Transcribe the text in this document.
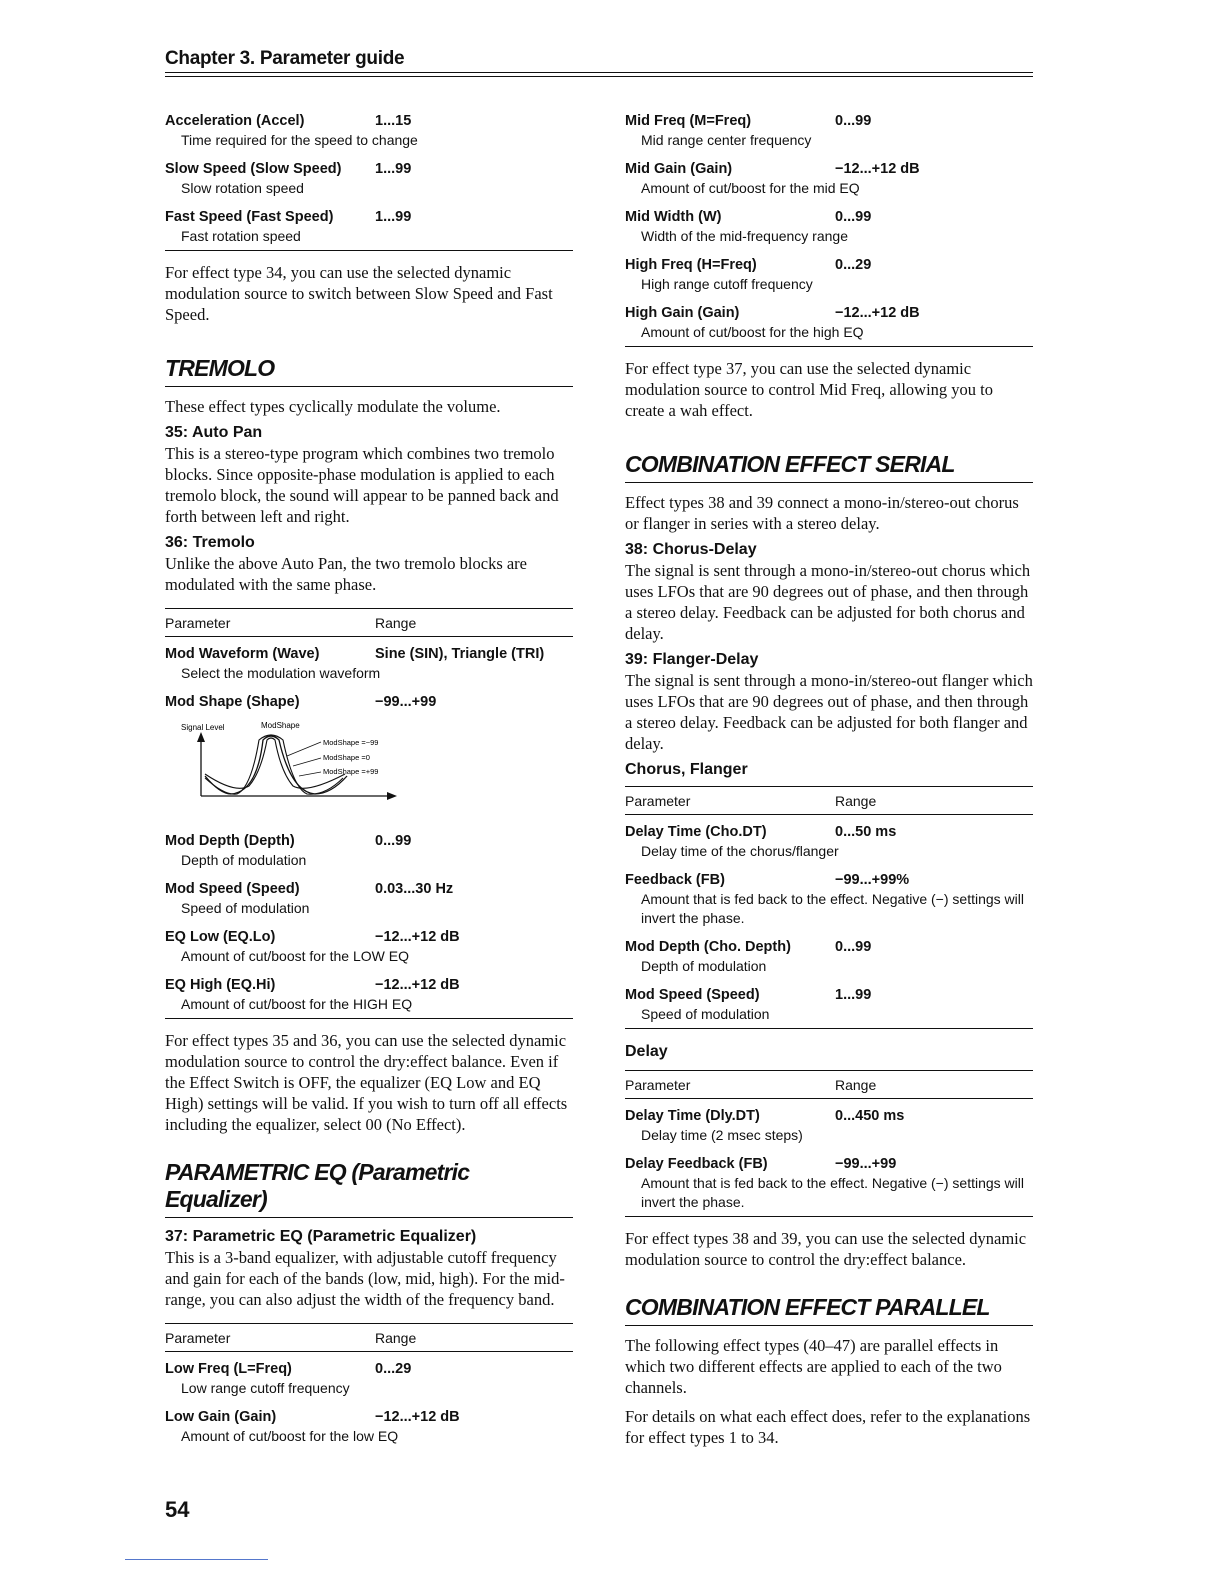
Chapter 3. Parameter guide
Acceleration (Accel)	1...15
Time required for the speed to change
Slow Speed (Slow Speed)	1...99
Slow rotation speed
Fast Speed (Fast Speed)	1...99
Fast rotation speed

For effect type 34, you can use the selected dynamic modulation source to switch between Slow Speed and Fast Speed.

TREMOLO

These effect types cyclically modulate the volume.

35: Auto Pan

This is a stereo-type program which combines two tremolo blocks. Since opposite-phase modulation is applied to each tremolo block, the sound will appear to be panned back and forth between left and right.

36: Tremolo

Unlike the above Auto Pan, the two tremolo blocks are modulated with the same phase.

Parameter	Range
Mod Waveform (Wave)	Sine (SIN), Triangle (TRI)
Select the modulation waveform
Mod Shape (Shape)	−99...+99
Signal Level	ModShape
ModShape =−99
ModShape =0
ModShape =+99
Mod Depth (Depth)	0...99
Depth of modulation
Mod Speed (Speed)	0.03...30 Hz
Speed of modulation
EQ Low (EQ.Lo)	−12...+12 dB
Amount of cut/boost for the LOW EQ
EQ High (EQ.Hi)	−12...+12 dB
Amount of cut/boost for the HIGH EQ

For effect types 35 and 36, you can use the selected dynamic modulation source to control the dry:effect balance. Even if the Effect Switch is OFF, the equalizer (EQ Low and EQ High) settings will be valid. If you wish to turn off all effects including the equalizer, select 00 (No Effect).

PARAMETRIC EQ (Parametric Equalizer)
37: Parametric EQ (Parametric Equalizer)

This is a 3-band equalizer, with adjustable cutoff frequency and gain for each of the bands (low, mid, high). For the mid-range, you can also adjust the width of the frequency band.

Parameter	Range
Low Freq (L=Freq)	0...29
Low range cutoff frequency
Low Gain (Gain)	−12...+12 dB
Amount of cut/boost for the low EQ
Mid Freq (M=Freq)	0...99
Mid range center frequency
Mid Gain (Gain)	−12...+12 dB
Amount of cut/boost for the mid EQ
Mid Width (W)	0...99
Width of the mid-frequency range
High Freq (H=Freq)	0...29
High range cutoff frequency
High Gain (Gain)	−12...+12 dB
Amount of cut/boost for the high EQ

For effect type 37, you can use the selected dynamic modulation source to control Mid Freq, allowing you to create a wah effect.

COMBINATION EFFECT SERIAL

Effect types 38 and 39 connect a mono-in/stereo-out chorus or flanger in series with a stereo delay.

38: Chorus-Delay

The signal is sent through a mono-in/stereo-out chorus which uses LFOs that are 90 degrees out of phase, and then through a stereo delay. Feedback can be adjusted for both chorus and delay.

39: Flanger-Delay

The signal is sent through a mono-in/stereo-out flanger which uses LFOs that are 90 degrees out of phase, and then through a stereo delay. Feedback can be adjusted for both flanger and delay.

Chorus, Flanger
Parameter	Range
Delay Time (Cho.DT)	0...50 ms
Delay time of the chorus/flanger
Feedback (FB)	−99...+99%
Amount that is fed back to the effect. Negative (−) settings will invert the phase.
Mod Depth (Cho. Depth)	0...99
Depth of modulation
Mod Speed (Speed)	1...99
Speed of modulation
Delay
Parameter	Range
Delay Time (Dly.DT)	0...450 ms
Delay time (2 msec steps)
Delay Feedback (FB)	−99...+99
Amount that is fed back to the effect. Negative (−) settings will invert the phase.

For effect types 38 and 39, you can use the selected dynamic modulation source to control the dry:effect balance.

COMBINATION EFFECT PARALLEL

The following effect types (40–47) are parallel effects in which two different effects are applied to each of the two channels.

For details on what each effect does, refer to the explanations for effect types 1 to 34.

54
